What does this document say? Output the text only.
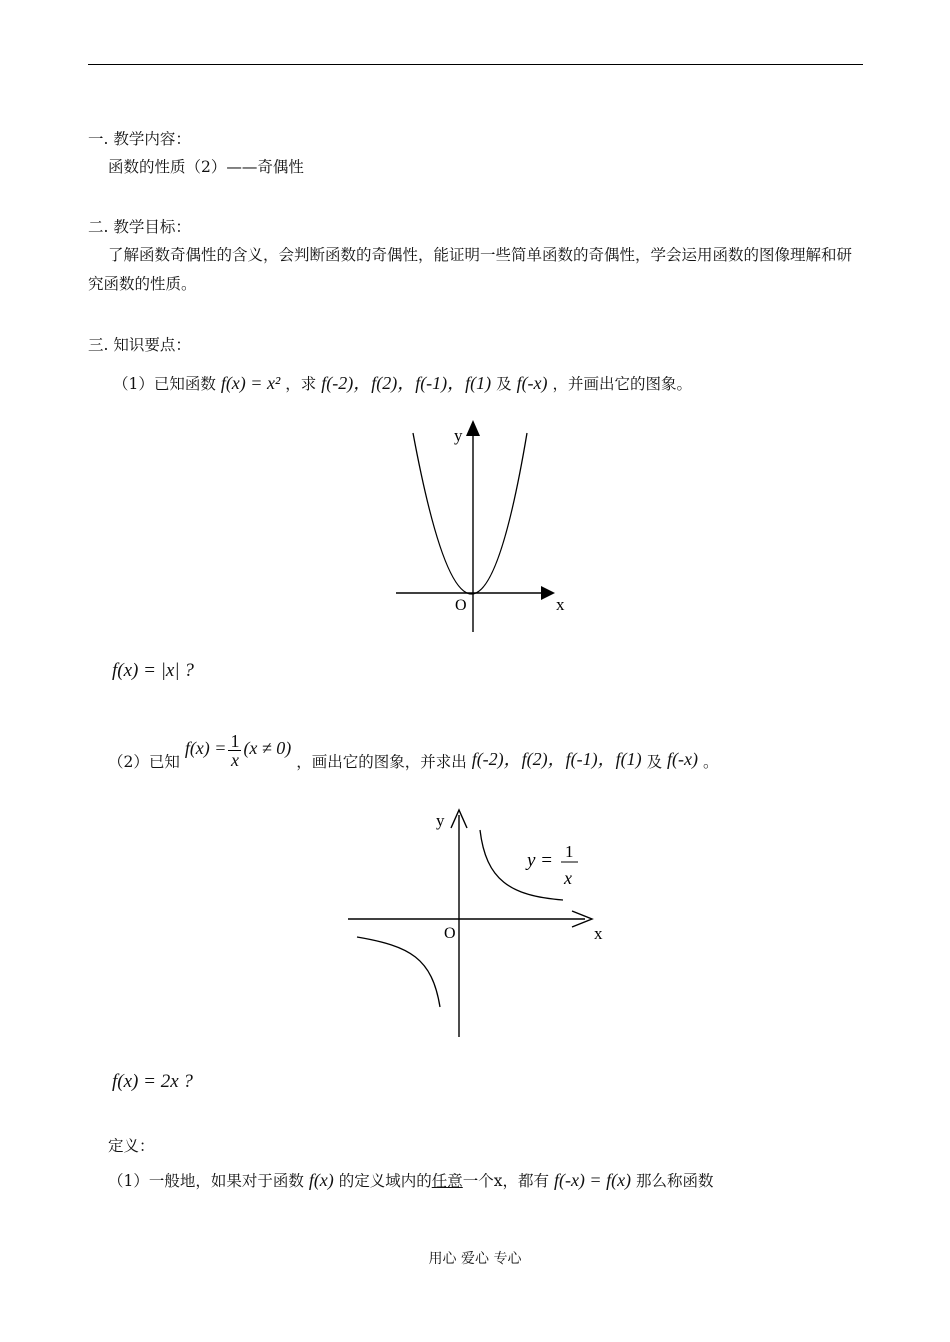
一. 教学内容：
函数的性质（2）——奇偶性
二. 教学目标：
了解函数奇偶性的含义，会判断函数的奇偶性，能证明一些简单函数的奇偶性，学会运用函数的图像理解和研究函数的性质。
三. 知识要点：
（1）已知函数 f(x) = x² ，求 f(-2)，f(2)，f(-1)，f(1) 及 f(-x) ，并画出它的图象。
y
x
O
f(x) = |x| ?
（2）已知 $f(x) = \frac{1}{x} (x \ne 0)$ ，画出它的图象，并求出 f(-2)，f(2)，f(-1)，f(1) 及 f(-x) 。
y
x
O
y = 1
x
f(x) = 2x ?
定义：
（1）一般地，如果对于函数 f(x) 的定义域内的任意一个x，都有 f(-x) = f(x) 那么称函数
用心 爱心 专心
